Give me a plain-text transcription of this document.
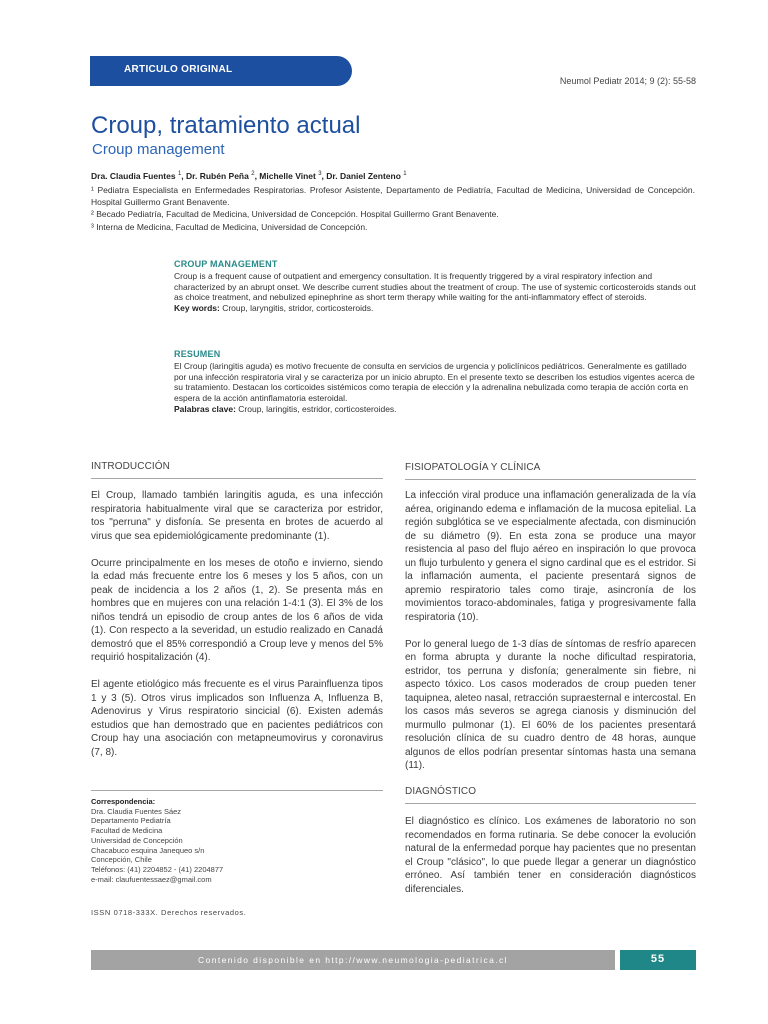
ARTICULO ORIGINAL
Neumol Pediatr 2014; 9 (2): 55-58
Croup, tratamiento actual
Croup management
Dra. Claudia Fuentes $^1$, Dr. Rubén Peña $^2$, Michelle Vinet $^3$, Dr. Daniel Zenteno $^1$

¹ Pediatra Especialista en Enfermedades Respiratorias. Profesor Asistente, Departamento de Pediatría, Facultad de Medicina, Universidad de Concepción. Hospital Guillermo Grant Benavente.

² Becado Pediatría, Facultad de Medicina, Universidad de Concepción. Hospital Guillermo Grant Benavente.

³ Interna de Medicina, Facultad de Medicina, Universidad de Concepción.

CROUP MANAGEMENT
Croup is a frequent cause of outpatient and emergency consultation. It is frequently triggered by a viral respiratory infection and characterized by an abrupt onset. We describe current studies about the treatment of croup. The use of systemic corticosteroids stands out as choice treatment, and nebulized epinephrine as short term therapy while waiting for the anti-inflammatory effect of steroids.
Key words: Croup, laryngitis, stridor, corticosteroids.
RESUMEN
El Croup (laringitis aguda) es motivo frecuente de consulta en servicios de urgencia y policlínicos pediátricos. Generalmente es gatillado por una infección respiratoria viral y se caracteriza por un inicio abrupto. En el presente texto se describen los estudios vigentes acerca de su tratamiento. Destacan los corticoides sistémicos como terapia de elección y la adrenalina nebulizada como terapia de acción corta en espera de la acción antinflamatoria esteroidal.
Palabras clave: Croup, laringitis, estridor, corticosteroides.
INTRODUCCIÓN

El Croup, llamado también laringitis aguda, es una infección respiratoria habitualmente viral que se caracteriza por estridor, tos "perruna" y disfonía. Se presenta en brotes de acuerdo al virus que sea epidemiológicamente predominante (1).

Ocurre principalmente en los meses de otoño e invierno, siendo la edad más frecuente entre los 6 meses y los 5 años, con un peak de incidencia a los 2 años (1, 2). Se presenta más en hombres que en mujeres con una relación 1-4:1 (3). El 3% de los niños tendrá un episodio de croup antes de los 6 años de vida (1). Con respecto a la severidad, un estudio realizado en Canadá demostró que el 85% correspondió a Croup leve y menos del 5% requirió hospitalización (4).

El agente etiológico más frecuente es el virus Parainfluenza tipos 1 y 3 (5). Otros virus implicados son Influenza A, Influenza B, Adenovirus y Virus respiratorio sincicial (6). Existen además estudios que han demostrado que en pacientes pediátricos con Croup hay una asociación con metapneumovirus y coronavirus (7, 8).

Correspondencia:
Dra. Claudia Fuentes Sáez
Departamento Pediatría
Facultad de Medicina
Universidad de Concepción
Chacabuco esquina Janequeo s/n
Concepción, Chile
Teléfonos: (41) 2204852 - (41) 2204877
e-mail: claufuentessaez@gmail.com
ISSN 0718-333X. Derechos reservados.
FISIOPATOLOGÍA Y CLÍNICA

La infección viral produce una inflamación generalizada de la vía aérea, originando edema e inflamación de la mucosa epitelial. La región subglótica se ve especialmente afectada, con disminución de su diámetro (9). En esta zona se produce una mayor resistencia al paso del flujo aéreo en inspiración lo que provoca un flujo turbulento y genera el signo cardinal que es el estridor. Si la inflamación aumenta, el paciente presentará signos de apremio respiratorio tales como tiraje, asincronía de los movimientos toraco-abdominales, fatiga y progresivamente falla respiratoria (10).

Por lo general luego de 1-3 días de síntomas de resfrío aparecen en forma abrupta y durante la noche dificultad respiratoria, estridor, tos perruna y disfonía; generalmente sin fiebre, ni aspecto tóxico. Los casos moderados de croup pueden tener taquipnea, aleteo nasal, retracción supraesternal e intercostal. En los casos más severos se agrega cianosis y disminución del murmullo pulmonar (1). El 60% de los pacientes presentará resolución clínica de su cuadro dentro de 48 horas, aunque algunos de ellos podrían presentar síntomas hasta una semana (11).

DIAGNÓSTICO

El diagnóstico es clínico. Los exámenes de laboratorio no son recomendados en forma rutinaria. Se debe conocer la evolución natural de la enfermedad porque hay pacientes que no presentan el Croup "clásico", lo que puede llegar a generar un diagnóstico erróneo. Así también tener en consideración diagnósticos diferenciales.

Contenido disponible en http://www.neumologia-pediatrica.cl	55
